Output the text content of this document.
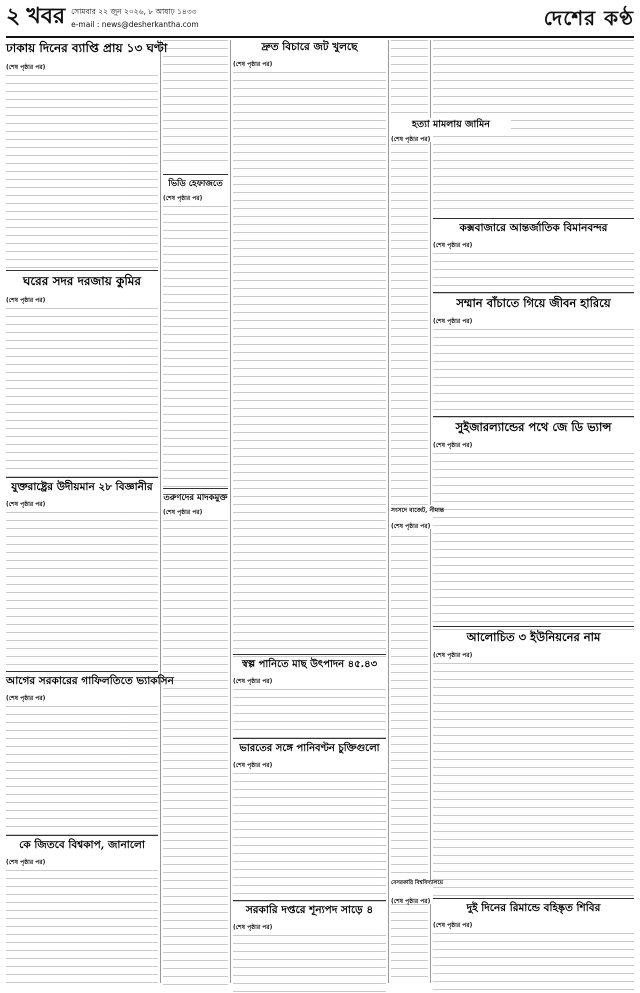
২ খবর সোমবার ২২ জুন ২০২৬, ৮ আষাঢ় ১৪৩৩
e-mail : news@desherkantha.com	দেশের কণ্ঠ
ঢাকায় দিনের ব্যাপ্তি প্রায় ১৩ ঘণ্টা
(শেষ পৃষ্ঠার পর)
ঘরের সদর দরজায় কুমির
(শেষ পৃষ্ঠার পর)
যুক্তরাষ্ট্রের উদীয়মান ২৮ বিজ্ঞানীর
(শেষ পৃষ্ঠার পর)
আগের সরকারের গাফিলতিতে ভ্যাকসিন
(শেষ পৃষ্ঠার পর)
কে জিতবে বিশ্বকাপ, জানালো
(শেষ পৃষ্ঠার পর)
ভিডি হেফাজতে
(শেষ পৃষ্ঠার পর)
তরুণদের মাদকমুক্ত
(শেষ পৃষ্ঠার পর)
দ্রুত বিচারে জট খুলছে
(শেষ পৃষ্ঠার পর)
স্বল্প পানিতে মাছ উৎপাদন ৪৫.৪৩
(শেষ পৃষ্ঠার পর)
ভারতের সঙ্গে পানিবণ্টন চুক্তিগুলো
(শেষ পৃষ্ঠার পর)
সরকারি দপ্তরে শূন্যপদ সাড়ে ৪
(শেষ পৃষ্ঠার পর)
কক্সবাজারে আন্তর্জাতিক বিমানবন্দর
(শেষ পৃষ্ঠার পর)
সম্মান বাঁচাতে গিয়ে জীবন হারিয়ে
(শেষ পৃষ্ঠার পর)
সুইজারল্যান্ডের পথে জে ডি ভ্যান্স
(শেষ পৃষ্ঠার পর)
আলোচিত ৩ ইউনিয়নের নাম
(শেষ পৃষ্ঠার পর)
দুই দিনের রিমান্ডে বহিষ্কৃত শিবির
(শেষ পৃষ্ঠার পর)
হত্যা মামলায় জামিন
(শেষ পৃষ্ঠার পর)
সংসদে বাজেট, নীমান্ত
(শেষ পৃষ্ঠার পর)
বেসরকারি বিশ্ববিদ্যালয়ে
(শেষ পৃষ্ঠার পর)
